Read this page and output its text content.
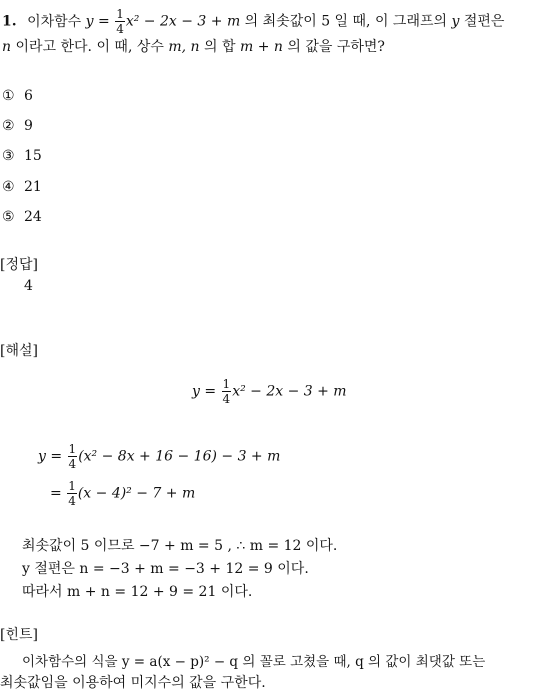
1. 이차함수 $y = \frac{1}{4} x^2 - 2x - 3 + m$ 의 최솟값이 5 일 때, 이 그래프의 y 절편은
n 이라고 한다. 이 때, 상수 m, n 의 합 m + n 의 값을 구하면?
① 6
② 9
③ 15
④ 21
⑤ 24
[정답]
4
[해설]
$y = \frac{1}{4} x^2 - 2x - 3 + m$
$y = \frac{1}{4} (x^2 - 8x + 16 - 16) - 3 + m$
= $\frac{1}{4} (x - 4)^2 - 7 + m$
최솟값이 5 이므로 −7 + m = 5 , ∴ m = 12 이다.
y 절편은 n = −3 + m = −3 + 12 = 9 이다.
따라서 m + n = 12 + 9 = 21 이다.
[힌트]
이차함수의 식을 y = a(x − p)² − q 의 꼴로 고쳤을 때, q 의 값이 최댓값 또는
최솟값임을 이용하여 미지수의 값을 구한다.
